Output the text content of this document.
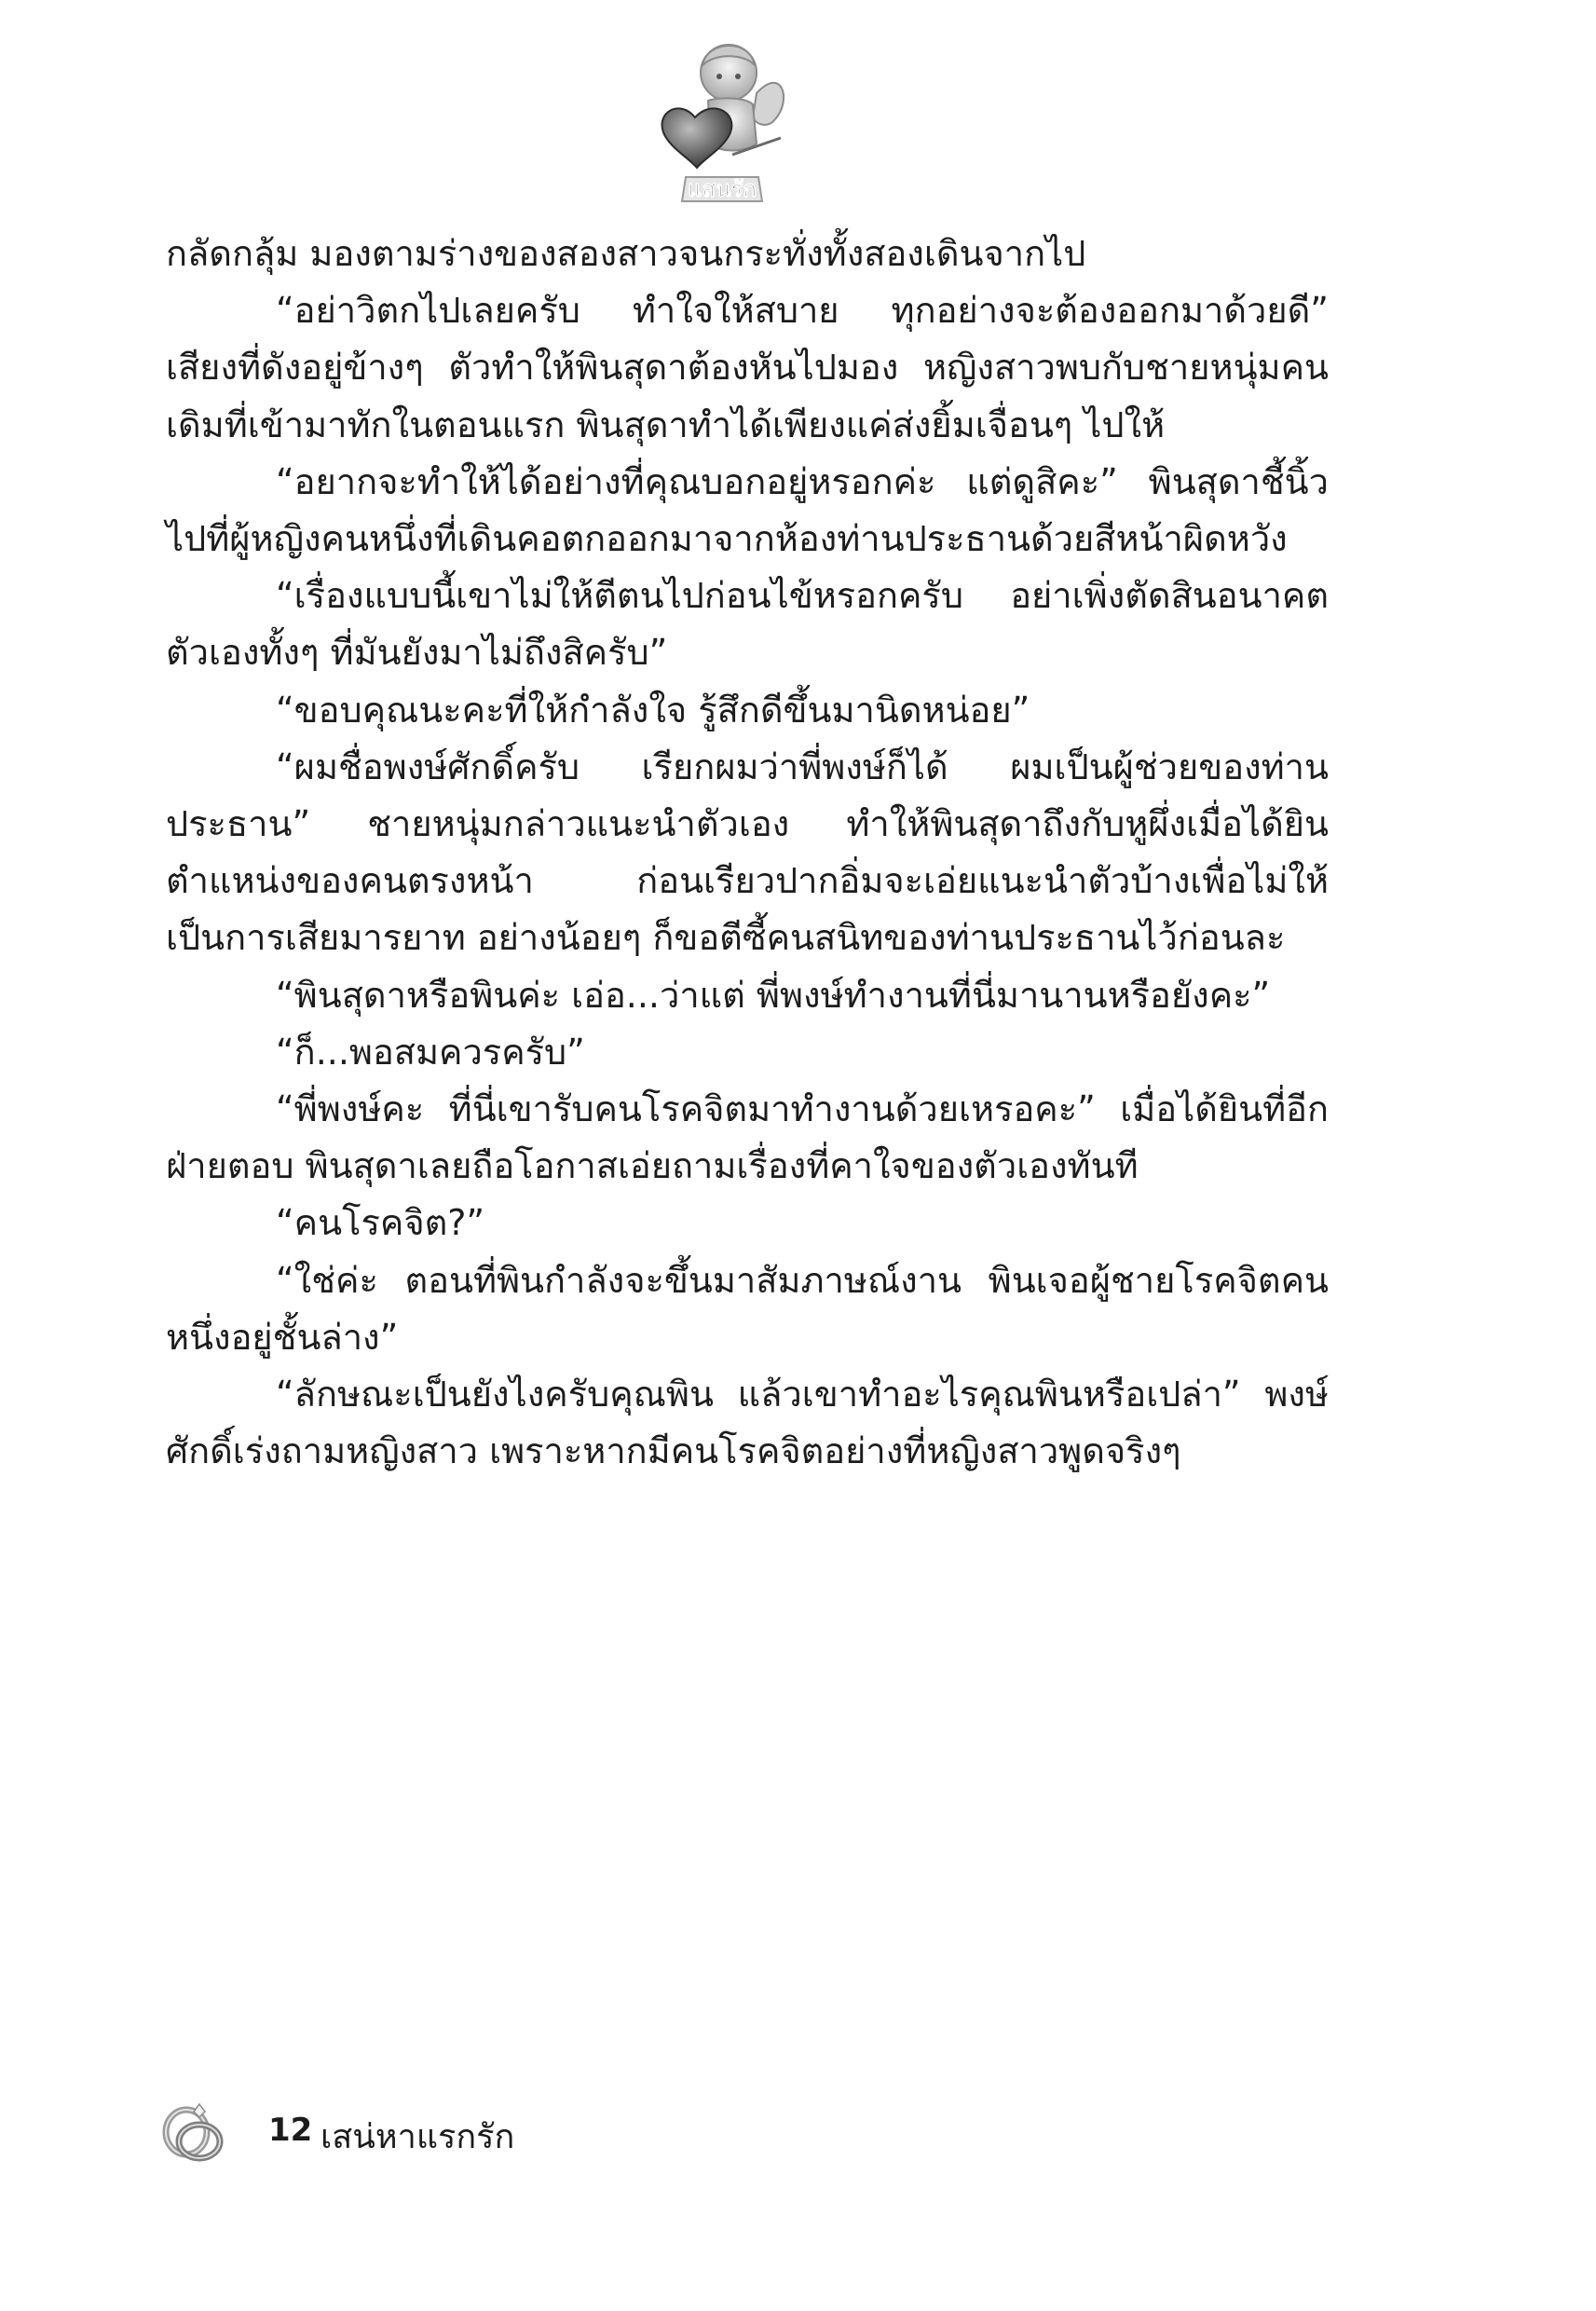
แสนรัก

กลัดกลุ้ม มองตามร่างของสองสาวจนกระทั่งทั้งสองเดินจากไป

“อย่าวิตกไปเลยครับ ทำใจให้สบาย ทุกอย่างจะต้องออกมาด้วยดี” เสียงที่ดังอยู่ข้างๆ ตัวทำให้พินสุดาต้องหันไปมอง หญิงสาวพบกับชายหนุ่มคนเดิมที่เข้ามาทักในตอนแรก พินสุดาทำได้เพียงแค่ส่งยิ้มเจื่อนๆ ไปให้

“อยากจะทำให้ได้อย่างที่คุณบอกอยู่หรอกค่ะ แต่ดูสิคะ” พินสุดาชี้นิ้วไปที่ผู้หญิงคนหนึ่งที่เดินคอตกออกมาจากห้องท่านประธานด้วยสีหน้าผิดหวัง

“เรื่องแบบนี้เขาไม่ให้ตีตนไปก่อนไข้หรอกครับ อย่าเพิ่งตัดสินอนาคตตัวเองทั้งๆ ที่มันยังมาไม่ถึงสิครับ”

“ขอบคุณนะคะที่ให้กำลังใจ รู้สึกดีขึ้นมานิดหน่อย”

“ผมชื่อพงษ์ศักดิ์ครับ เรียกผมว่าพี่พงษ์ก็ได้ ผมเป็นผู้ช่วยของท่านประธาน” ชายหนุ่มกล่าวแนะนำตัวเอง ทำให้พินสุดาถึงกับหูผึ่งเมื่อได้ยินตำแหน่งของคนตรงหน้า ก่อนเรียวปากอิ่มจะเอ่ยแนะนำตัวบ้างเพื่อไม่ให้เป็นการเสียมารยาท อย่างน้อยๆ ก็ขอตีซี้คนสนิทของท่านประธานไว้ก่อนละ

“พินสุดาหรือพินค่ะ เอ่อ...ว่าแต่ พี่พงษ์ทำงานที่นี่มานานหรือยังคะ”

“ก็...พอสมควรครับ”

“พี่พงษ์คะ ที่นี่เขารับคนโรคจิตมาทำงานด้วยเหรอคะ” เมื่อได้ยินที่อีกฝ่ายตอบ พินสุดาเลยถือโอกาสเอ่ยถามเรื่องที่คาใจของตัวเองทันที

“คนโรคจิต?”

“ใช่ค่ะ ตอนที่พินกำลังจะขึ้นมาสัมภาษณ์งาน พินเจอผู้ชายโรคจิตคนหนึ่งอยู่ชั้นล่าง”

“ลักษณะเป็นยังไงครับคุณพิน แล้วเขาทำอะไรคุณพินหรือเปล่า” พงษ์ศักดิ์เร่งถามหญิงสาว เพราะหากมีคนโรคจิตอย่างที่หญิงสาวพูดจริงๆ

12 เสน่หาแรกรัก
